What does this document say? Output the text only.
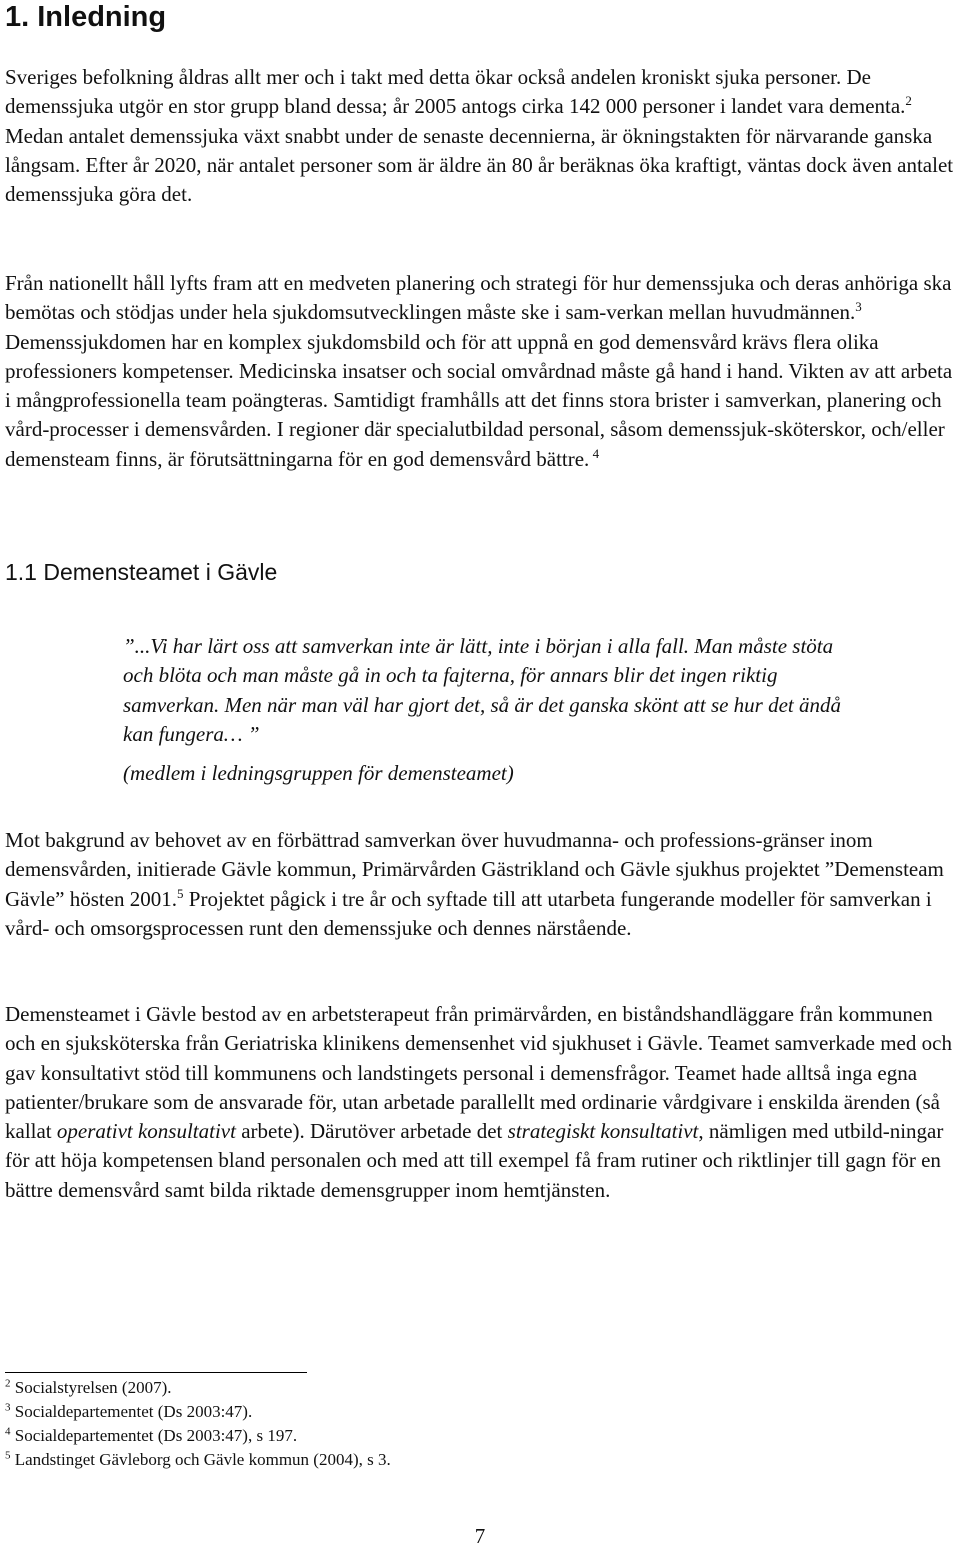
1. Inledning

Sveriges befolkning åldras allt mer och i takt med detta ökar också andelen kroniskt sjuka personer. De demenssjuka utgör en stor grupp bland dessa; år 2005 antogs cirka 142 000 personer i landet vara dementa.$^2$ Medan antalet demenssjuka växt snabbt under de senaste decennierna, är ökningstakten för närvarande ganska långsam. Efter år 2020, när antalet personer som är äldre än 80 år beräknas öka kraftigt, väntas dock även antalet demenssjuka göra det.

Från nationellt håll lyfts fram att en medveten planering och strategi för hur demenssjuka och deras anhöriga ska bemötas och stödjas under hela sjukdomsutvecklingen måste ske i sam-verkan mellan huvudmännen.$^3$ Demenssjukdomen har en komplex sjukdomsbild och för att uppnå en god demensvård krävs flera olika professioners kompetenser. Medicinska insatser och social omvårdnad måste gå hand i hand. Vikten av att arbeta i mångprofessionella team poängteras. Samtidigt framhålls att det finns stora brister i samverkan, planering och vård-processer i demensvården. I regioner där specialutbildad personal, såsom demenssjuk-sköterskor, och/eller demensteam finns, är förutsättningarna för en god demensvård bättre. $^4$

1.1 Demensteamet i Gävle

”...Vi har lärt oss att samverkan inte är lätt, inte i början i alla fall. Man måste stöta och blöta och man måste gå in och ta fajterna, för annars blir det ingen riktig samverkan. Men när man väl har gjort det, så är det ganska skönt att se hur det ändå kan fungera… ”

(medlem i ledningsgruppen för demensteamet)

Mot bakgrund av behovet av en förbättrad samverkan över huvudmanna- och professions-gränser inom demensvården, initierade Gävle kommun, Primärvården Gästrikland och Gävle sjukhus projektet ”Demensteam Gävle” hösten 2001.$^5$ Projektet pågick i tre år och syftade till att utarbeta fungerande modeller för samverkan i vård- och omsorgsprocessen runt den demenssjuke och dennes närstående.

Demensteamet i Gävle bestod av en arbetsterapeut från primärvården, en biståndshandläggare från kommunen och en sjuksköterska från Geriatriska klinikens demensenhet vid sjukhuset i Gävle. Teamet samverkade med och gav konsultativt stöd till kommunens och landstingets personal i demensfrågor. Teamet hade alltså inga egna patienter/brukare som de ansvarade för, utan arbetade parallellt med ordinarie vårdgivare i enskilda ärenden (så kallat operativt konsultativt arbete). Därutöver arbetade det strategiskt konsultativt, nämligen med utbild-ningar för att höja kompetensen bland personalen och med att till exempel få fram rutiner och riktlinjer till gagn för en bättre demensvård samt bilda riktade demensgrupper inom hemtjänsten.

$^2$ Socialstyrelsen (2007).
$^3$ Socialdepartementet (Ds 2003:47).
$^4$ Socialdepartementet (Ds 2003:47), s 197.
$^5$ Landstinget Gävleborg och Gävle kommun (2004), s 3.
7
